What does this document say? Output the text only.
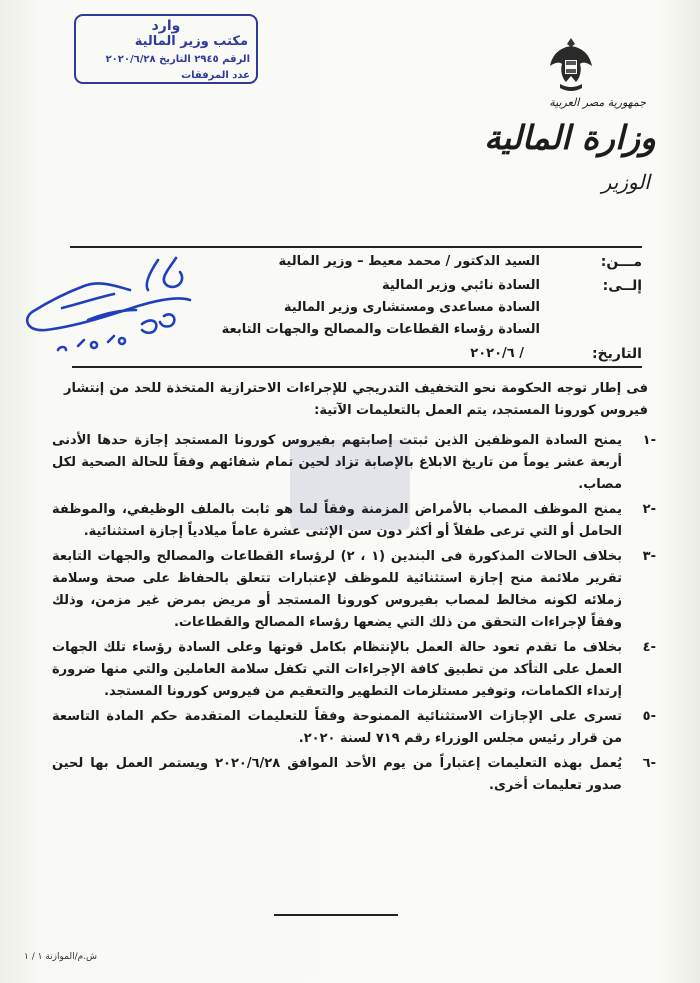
وارد
مكتب وزير المالية
الرقم ٢٩٤٥ التاريخ ٢٠٢٠/٦/٢٨
عدد المرفقات
جمهورية مصر العربية
وزارة المالية
الوزير
مـــن:
السيد الدكتور / محمد معيط – وزير المالية
إلــى:
السادة نائبي وزير المالية
السادة مساعدى ومستشارى وزير المالية
السادة رؤساء القطاعات والمصالح والجهات التابعة
التاريخ:
/ ٢٠٢٠/٦
فى إطار توجه الحكومة نحو التخفيف التدريجي للإجراءات الاحترازية المتخذة للحد من إنتشار فيروس كورونا المستجد، يتم العمل بالتعليمات الآتية:
-١
يمنح السادة الموظفين الذين ثبتت إصابتهم بفيروس كورونا المستجد إجازة حدها الأدنى أربعة عشر يوماً من تاريخ الابلاغ بالإصابة تزاد لحين تمام شفائهم وفقاً للحالة الصحية لكل مصاب.
-٢
يمنح الموظف المصاب بالأمراض المزمنة وفقاً لما هو ثابت بالملف الوظيفي، والموظفة الحامل أو التي ترعى طفلاً أو أكثر دون سن الإثنى عشرة عاماً ميلادياً إجازة استثنائية.
-٣
بخلاف الحالات المذكورة فى البندين (١ ، ٢) لرؤساء القطاعات والمصالح والجهات التابعة تقرير ملائمة منح إجازة استثنائية للموظف لإعتبارات تتعلق بالحفاظ على صحة وسلامة زملائه لكونه مخالط لمصاب بفيروس كورونا المستجد أو مريض بمرض غير مزمن، وذلك وفقاً لإجراءات التحقق من ذلك التي يضعها رؤساء المصالح والقطاعات.
-٤
بخلاف ما تقدم تعود حالة العمل بالإنتظام بكامل قوتها وعلى السادة رؤساء تلك الجهات العمل على التأكد من تطبيق كافة الإجراءات التي تكفل سلامة العاملين والتي منها ضرورة إرتداء الكمامات، وتوفير مستلزمات التطهير والتعقيم من فيروس كورونا المستجد.
-٥
تسرى على الإجازات الاستثنائية الممنوحة وفقاً للتعليمات المتقدمة حكم المادة التاسعة من قرار رئيس مجلس الوزراء رقم ٧١٩ لسنة ٢٠٢٠.
-٦
يُعمل بهذه التعليمات إعتباراً من يوم الأحد الموافق ٢٠٢٠/٦/٢٨ ويستمر العمل بها لحين صدور تعليمات أخرى.
ش.م/الموازنة ١ / ١
